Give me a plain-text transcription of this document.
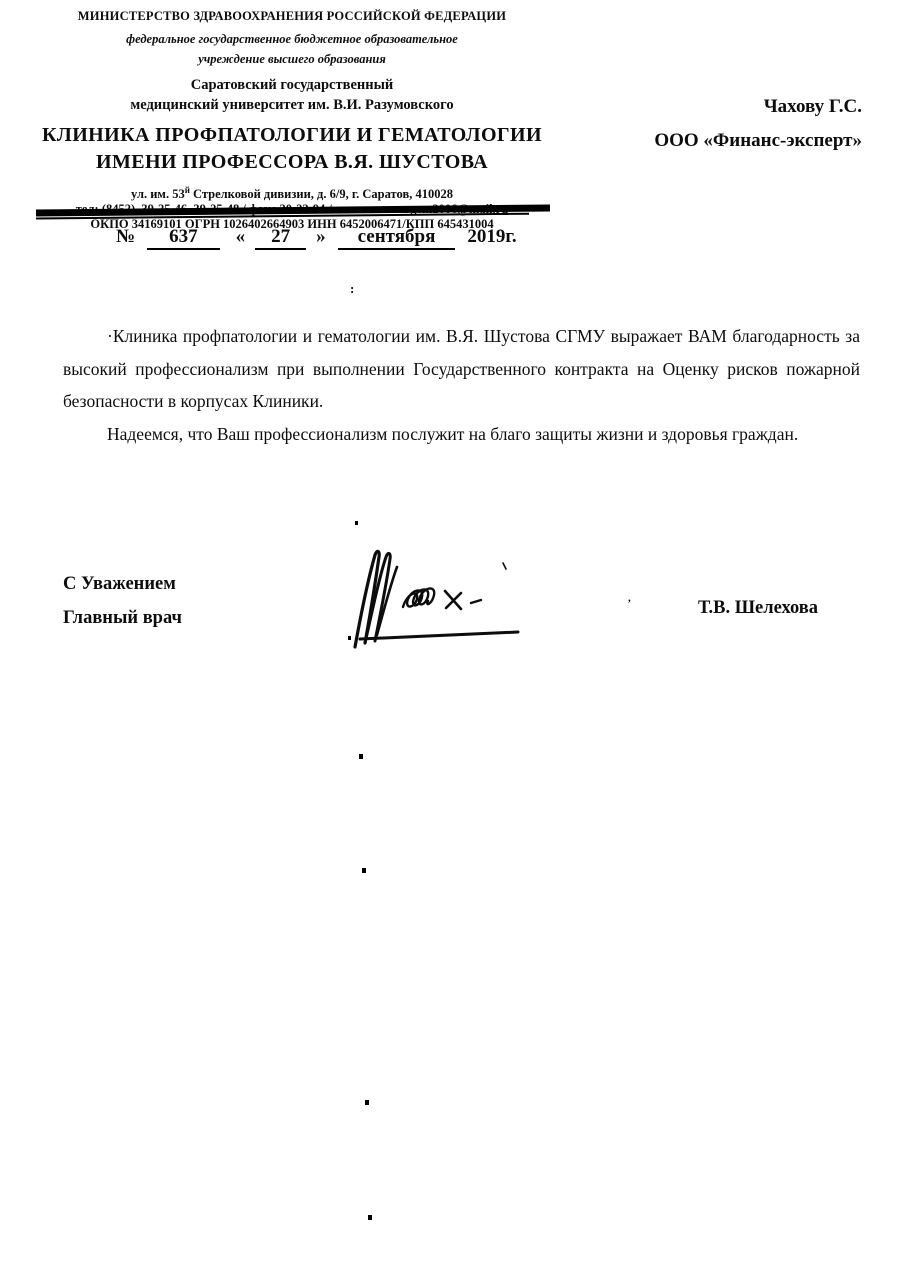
МИНИСТЕРСТВО ЗДРАВООХРАНЕНИЯ РОССИЙСКОЙ ФЕДЕРАЦИИ
федеральное государственное бюджетное образовательное
учреждение высшего образования
Саратовский государственный
медицинский университет им. В.И. Разумовского
КЛИНИКА ПРОФПАТОЛОГИИ И ГЕМАТОЛОГИИ
ИМЕНИ ПРОФЕССОРА В.Я. ШУСТОВА
ул. им. $53^й$ Стрелковой дивизии, д. 6/9, г. Саратов, 410028
ОКПО 34169101 ОГРН 1026402664903 ИНН 6452006471/КПП 645431004
Чахову Г.С.
ООО «Финанс-эксперт»
№	637	«	27	»	сентября	2019г.

·Клиника профпатологии и гематологии им. В.Я. Шустова СГМУ выражает ВАМ благодарность за высокий профессионализм при выполнении Государственного контракта на Оценку рисков пожарной безопасности в корпусах Клиники.

Надеемся, что Ваш профессионализм послужит на благо защиты жизни и здоровья граждан.

С Уважением
Главный врач	Т.В. Шелехова
:
,
